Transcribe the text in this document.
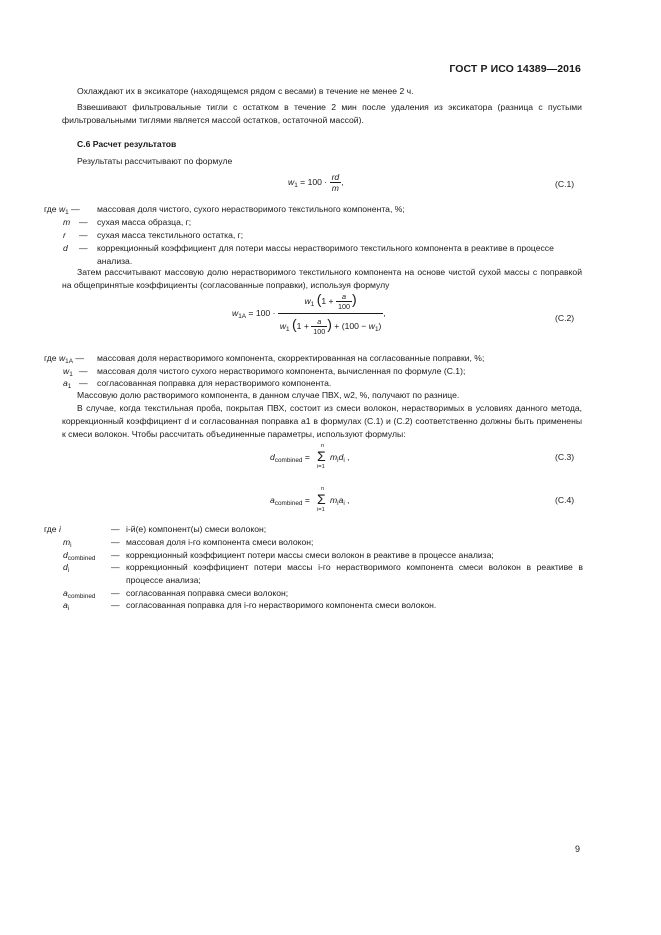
ГОСТ Р ИСО 14389—2016
Охлаждают их в эксикаторе (находящемся рядом с весами) в течение не менее 2 ч.
Взвешивают фильтровальные тигли с остатком в течение 2 мин после удаления из эксикатора (разница с пустыми фильтровальными тиглями является массой остатков, остаточной массой).
C.6 Расчет результатов
Результаты рассчитывают по формуле
$w_1 = 100 \cdot \frac{rd}{m}$ ,	(C.1)
где $w_1$ — массовая доля чистого, сухого нерастворимого текстильного компонента, %;
m — сухая масса образца, г;
r — сухая масса текстильного остатка, г;
d — коррекционный коэффициент для потери массы нерастворимого текстильного компонента в реактиве в процессе анализа.
Затем рассчитывают массовую долю нерастворимого текстильного компонента на основе чистой сухой массы с поправкой на общепринятые коэффициенты (согласованные поправки), используя формулу
$w_{1A} = 100 \cdot \frac{w_1 (1 + \frac{a}{100} )}{w_1 (1 + \frac{a}{100} ) + (100 - w_1)}$ ,	(C.2)
где $w_{1A}$ — массовая доля нерастворимого компонента, скорректированная на согласованные поправки, %;
$w_1$ — массовая доля чистого сухого нерастворимого компонента, вычисленная по формуле (C.1);
$a_1$ — согласованная поправка для нерастворимого компонента.
Массовую долю растворимого компонента, в данном случае ПВХ, w2, %, получают по разнице.
В случае, когда текстильная проба, покрытая ПВХ, состоит из смеси волокон, нерастворимых в условиях данного метода, коррекционный коэффициент d и согласованная поправка a1 в формулах (C.1) и (C.2) соответственно должны быть применены к смеси волокон. Чтобы рассчитать объединенные параметры, используют формулы:
$d_{combined}$ =
n
Σ
i=1
$m_id_i$ ,	(C.3)
$a_{combined}$ =
n
Σ
i=1
$m_ia_i$ ,	(C.4)
где i	— i-й(е) компонент(ы) смеси волокон;
$m_i$	— массовая доля i-го компонента смеси волокон;
$d_{combined}$ — коррекционный коэффициент потери массы смеси волокон в реактиве в процессе анализа;
$d_i$	— коррекционный коэффициент потери массы i-го нерастворимого компонента смеси волокон в реактиве в процессе анализа;
$a_{combined}$ — согласованная поправка смеси волокон;
$a_i$	— согласованная поправка для i-го нерастворимого компонента смеси волокон.
9
